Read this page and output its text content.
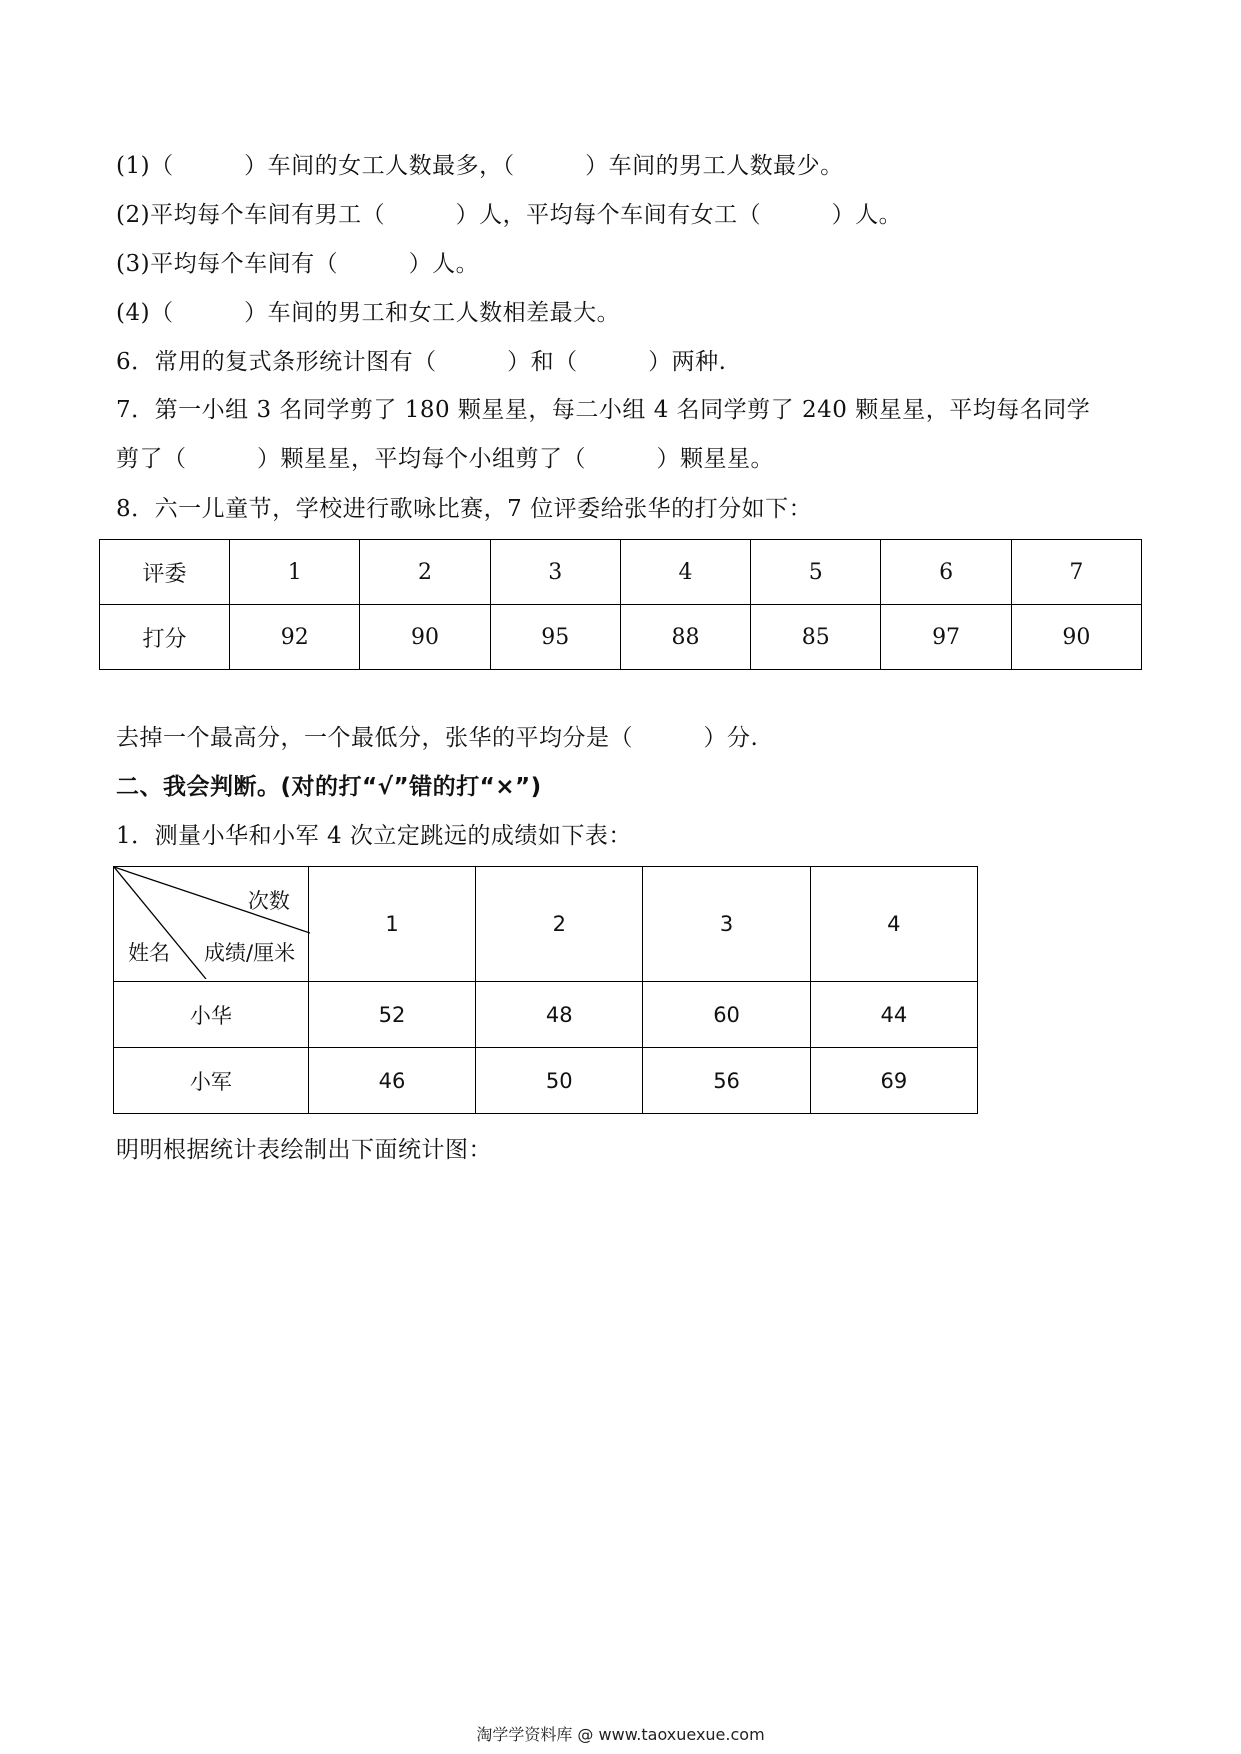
(1)（　　　）车间的女工人数最多，（　　　）车间的男工人数最少。
(2)平均每个车间有男工（　　　）人，平均每个车间有女工（　　　）人。
(3)平均每个车间有（　　　）人。
(4)（　　　）车间的男工和女工人数相差最大。
6．常用的复式条形统计图有（　　　）和（　　　）两种.
7．第一小组 3 名同学剪了 180 颗星星，每二小组 4 名同学剪了 240 颗星星，平均每名同学
剪了（　　　）颗星星，平均每个小组剪了（　　　）颗星星。
8．六一儿童节，学校进行歌咏比赛，7 位评委给张华的打分如下：
评委	1	2	3	4	5	6	7
打分	92	90	95	88	85	97	90
去掉一个最高分，一个最低分，张华的平均分是（　　　）分.
二、我会判断。(对的打“√”错的打“×”)
1．测量小华和小军 4 次立定跳远的成绩如下表：
次数
成绩/厘米
姓名	1	2	3	4
小华	52	48	60	44
小军	46	50	56	69
明明根据统计表绘制出下面统计图：
淘学学资料库 @ www.taoxuexue.com
